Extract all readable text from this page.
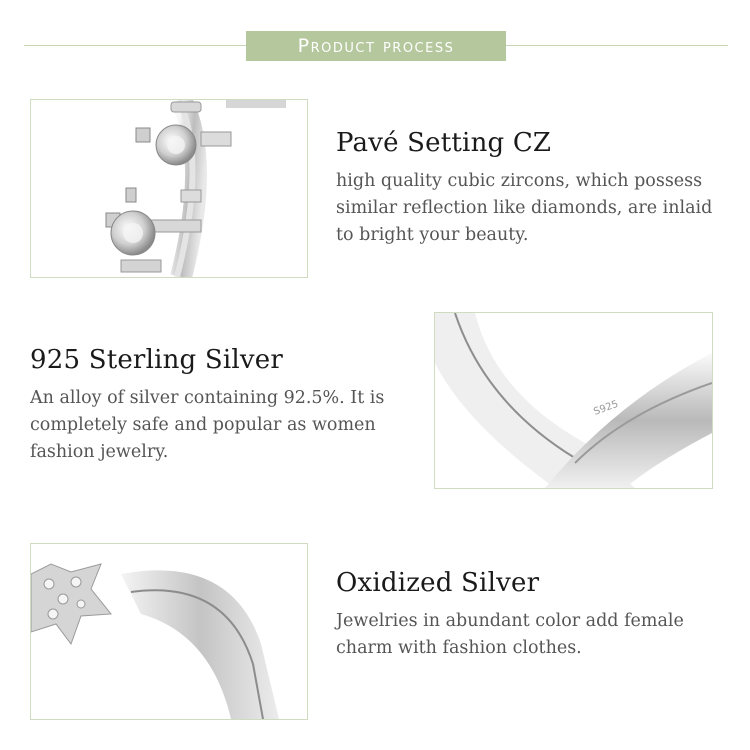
Product process
S925
Pavé Setting CZ

high quality cubic zircons, which possess similar reflection like diamonds, are inlaid to bright your beauty.

925 Sterling Silver

An alloy of silver containing 92.5%. It is completely safe and popular as women fashion jewelry.

Oxidized Silver

Jewelries in abundant color add female charm with fashion clothes.
